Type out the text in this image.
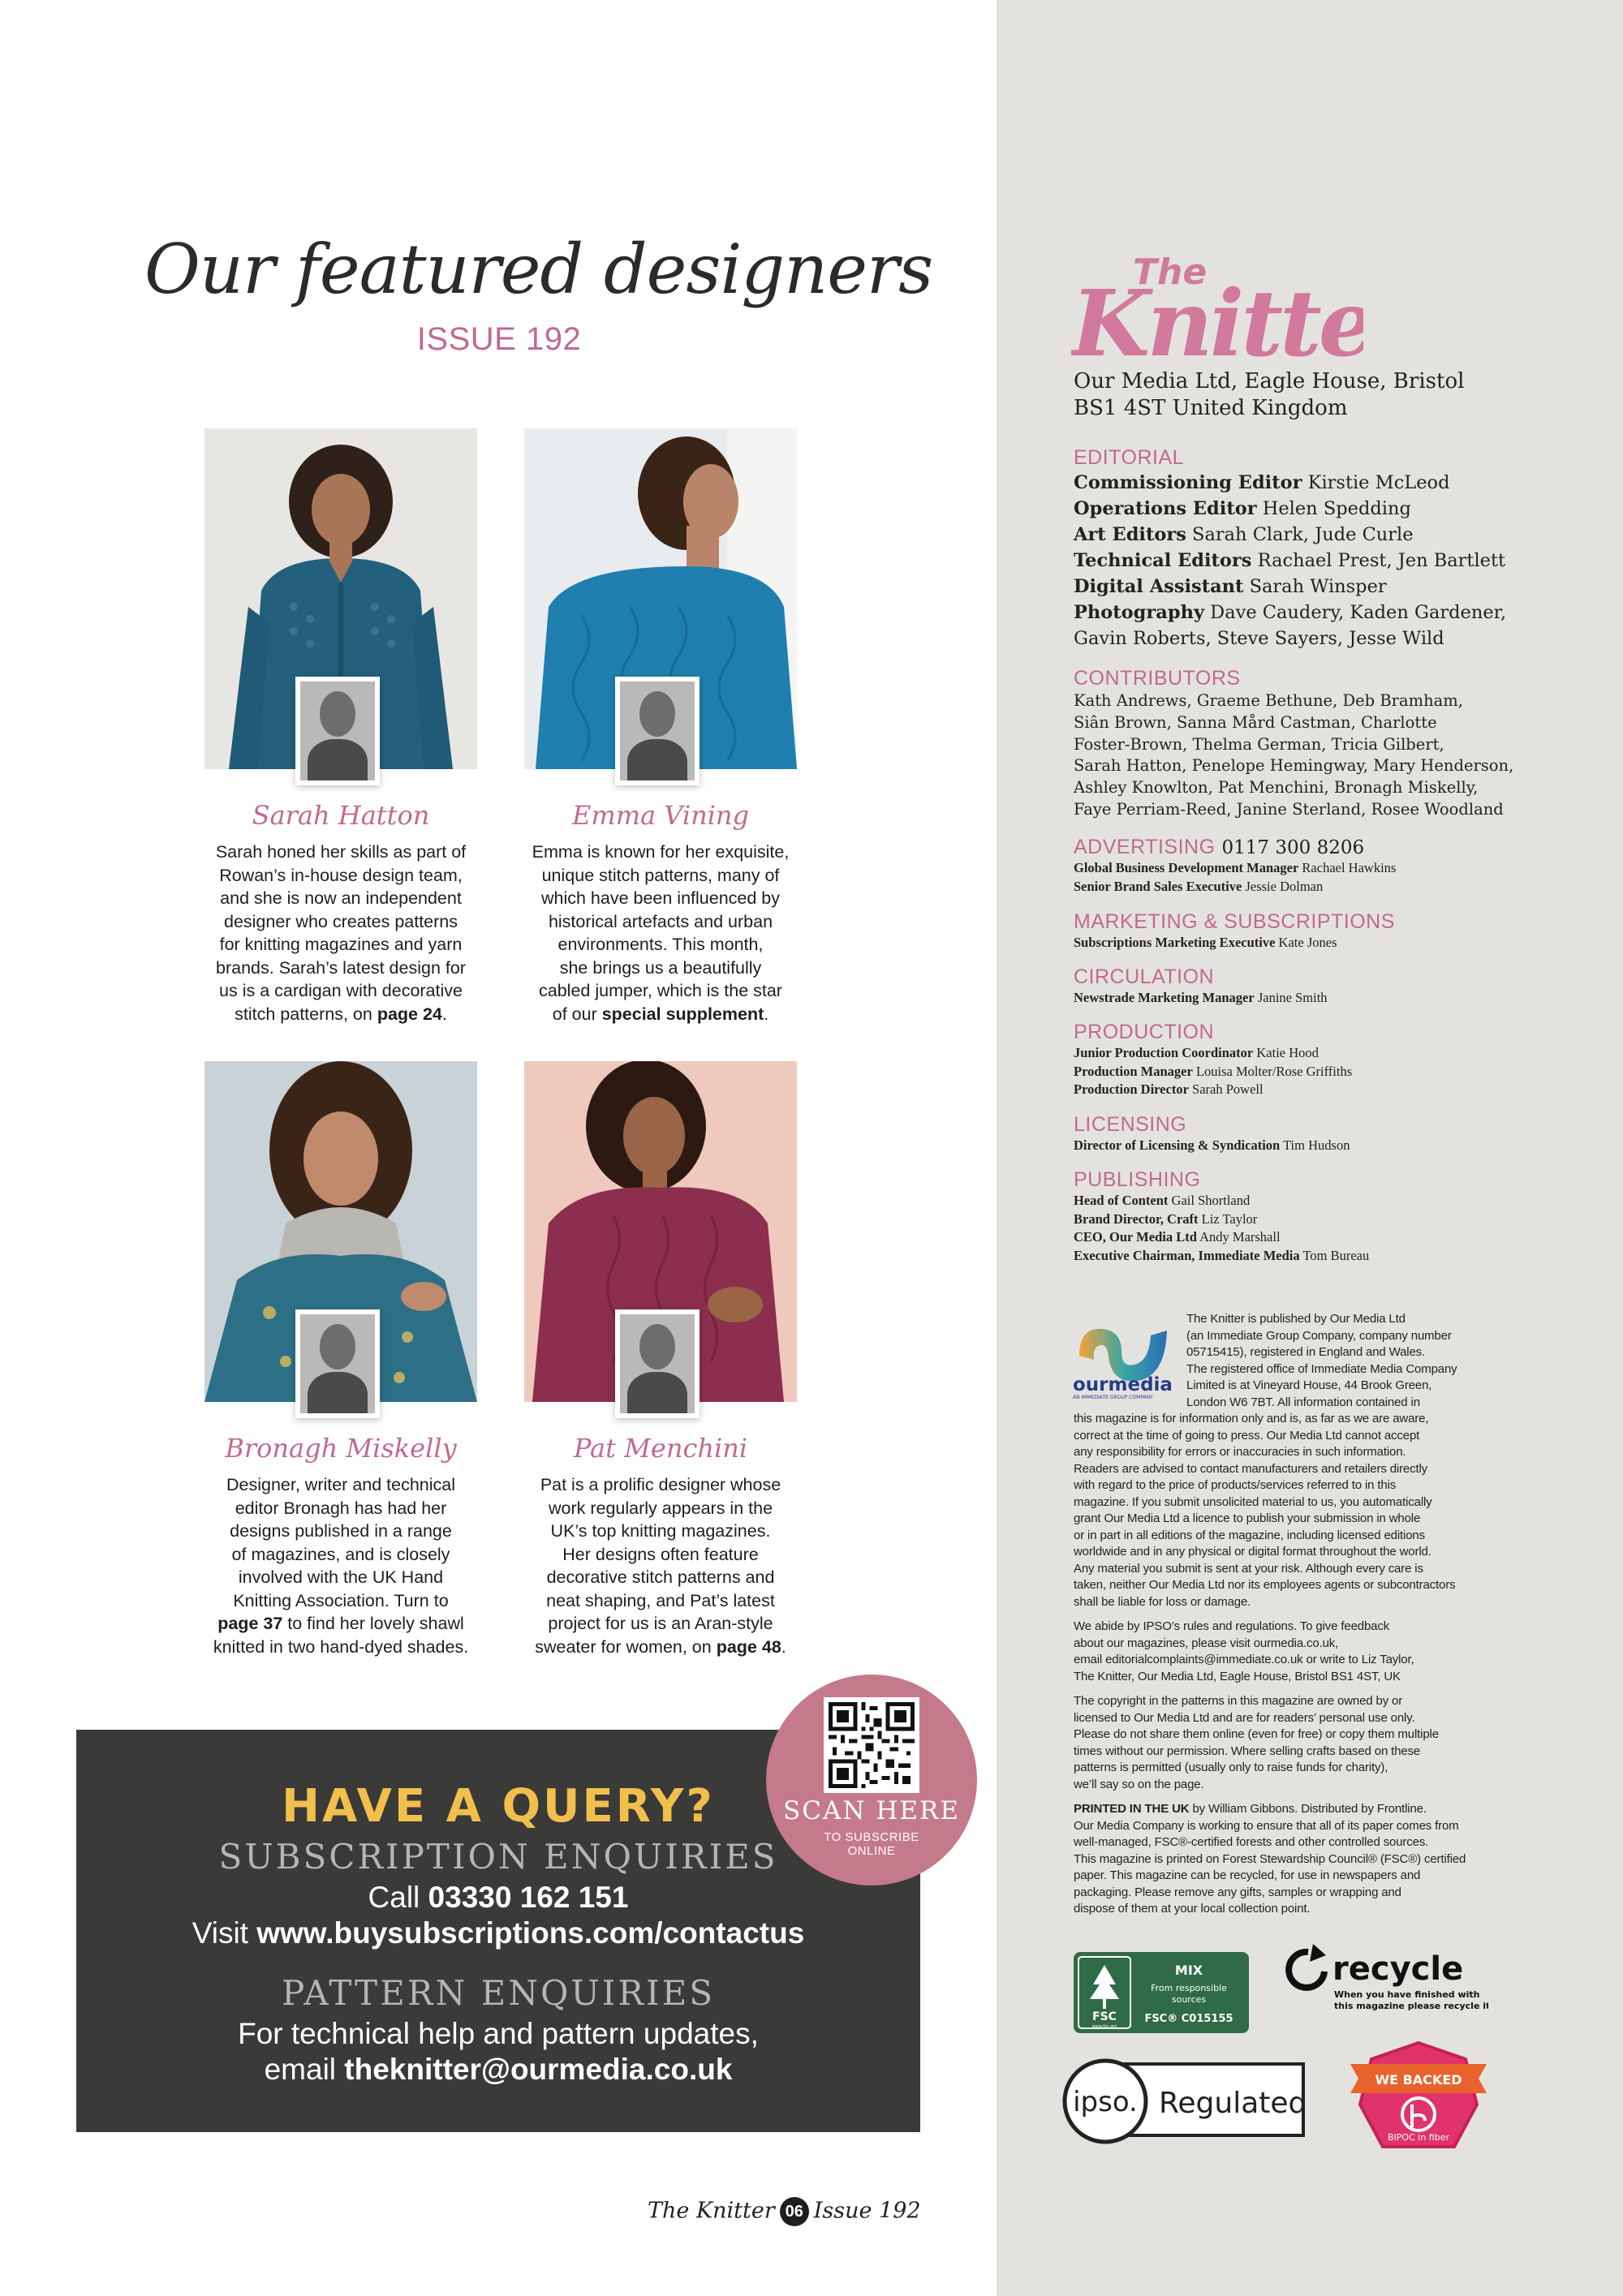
Our featured designers
ISSUE 192
Sarah Hatton
Sarah honed her skills as part of
Rowan’s in-house design team,
and she is now an independent
designer who creates patterns
for knitting magazines and yarn
brands. Sarah’s latest design for
us is a cardigan with decorative
stitch patterns, on page 24.
Emma Vining
Emma is known for her exquisite,
unique stitch patterns, many of
which have been influenced by
historical artefacts and urban
environments. This month,
she brings us a beautifully
cabled jumper, which is the star
of our special supplement.
Bronagh Miskelly
Designer, writer and technical
editor Bronagh has had her
designs published in a range
of magazines, and is closely
involved with the UK Hand
Knitting Association. Turn to
page 37 to find her lovely shawl
knitted in two hand-dyed shades.
Pat Menchini
Pat is a prolific designer whose
work regularly appears in the
UK’s top knitting magazines.
Her designs often feature
decorative stitch patterns and
neat shaping, and Pat’s latest
project for us is an Aran-style
sweater for women, on page 48.
HAVE A QUERY?
SUBSCRIPTION ENQUIRIES
Call 03330 162 151
Visit www.buysubscriptions.com/contactus
PATTERN ENQUIRIES
For technical help and pattern updates,
email theknitter@ourmedia.co.uk
SCAN HERE
TO SUBSCRIBE
ONLINE
The Knitter 06 Issue 192
The
Knitt
Our Media Ltd, Eagle House, Bristol
BS1 4ST United Kingdom
EDITORIAL
Commissioning Editor Kirstie McLeod
Operations Editor Helen Spedding
Art Editors Sarah Clark, Jude Curle
Technical Editors Rachael Prest, Jen Bartlett
Digital Assistant Sarah Winsper
Photography Dave Caudery, Kaden Gardener,
Gavin Roberts, Steve Sayers, Jesse Wild
CONTRIBUTORS
Kath Andrews, Graeme Bethune, Deb Bramham,
Siân Brown, Sanna Mård Castman, Charlotte
Foster-Brown, Thelma German, Tricia Gilbert,
Sarah Hatton, Penelope Hemingway, Mary Henderson,
Ashley Knowlton, Pat Menchini, Bronagh Miskelly,
Faye Perriam-Reed, Janine Sterland, Rosee Woodland
ADVERTISING 0117 300 8206
Global Business Development Manager Rachael Hawkins
Senior Brand Sales Executive Jessie Dolman
MARKETING & SUBSCRIPTIONS
Subscriptions Marketing Executive Kate Jones
CIRCULATION
Newstrade Marketing Manager Janine Smith
PRODUCTION
Junior Production Coordinator Katie Hood
Production Manager Louisa Molter/Rose Griffiths
Production Director Sarah Powell
LICENSING
Director of Licensing & Syndication Tim Hudson
PUBLISHING
Head of Content Gail Shortland
Brand Director, Craft Liz Taylor
CEO, Our Media Ltd Andy Marshall
Executive Chairman, Immediate Media Tom Bureau
ourmedia
AN IMMEDIATE GROUP COMPANY

The Knitter is published by Our Media Ltd

(an Immediate Group Company, company number

05715415), registered in England and Wales.

The registered office of Immediate Media Company

Limited is at Vineyard House, 44 Brook Green,

London W6 7BT. All information contained in

this magazine is for information only and is, as far as we are aware,

correct at the time of going to press. Our Media Ltd cannot accept

any responsibility for errors or inaccuracies in such information.

Readers are advised to contact manufacturers and retailers directly

with regard to the price of products/services referred to in this

magazine. If you submit unsolicited material to us, you automatically

grant Our Media Ltd a licence to publish your submission in whole

or in part in all editions of the magazine, including licensed editions

worldwide and in any physical or digital format throughout the world.

Any material you submit is sent at your risk. Although every care is

taken, neither Our Media Ltd nor its employees agents or subcontractors

shall be liable for loss or damage.

We abide by IPSO’s rules and regulations. To give feedback

about our magazines, please visit ourmedia.co.uk,

email editorialcomplaints@immediate.co.uk or write to Liz Taylor,

The Knitter, Our Media Ltd, Eagle House, Bristol BS1 4ST, UK

The copyright in the patterns in this magazine are owned by or

licensed to Our Media Ltd and are for readers’ personal use only.

Please do not share them online (even for free) or copy them multiple

times without our permission. Where selling crafts based on these

patterns is permitted (usually only to raise funds for charity),

we’ll say so on the page.

PRINTED IN THE UK by William Gibbons. Distributed by Frontline.

Our Media Company is working to ensure that all of its paper comes from

well-managed, FSC®-certified forests and other controlled sources.

This magazine is printed on Forest Stewardship Council® (FSC®) certified

paper. This magazine can be recycled, for use in newspapers and

packaging. Please remove any gifts, samples or wrapping and

dispose of them at your local collection point.

FSC
www.fsc.org
MIX
From responsible
sources
FSC® C015155
recycle
When you have finished with
this magazine please recycle it.
ipso. Regulated
WE BACKED
BIPOC in fiber
